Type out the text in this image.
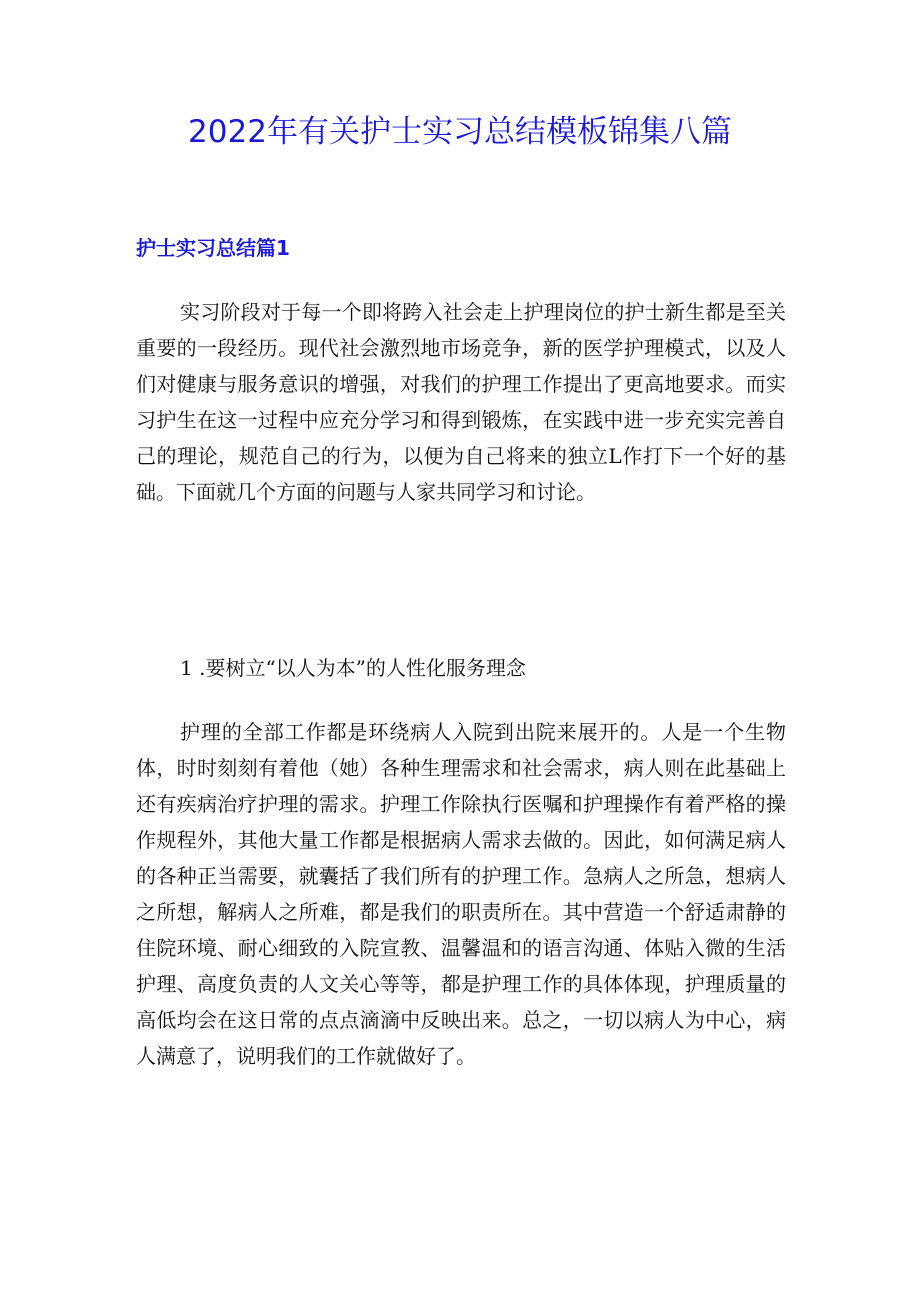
2022年有关护士实习总结模板锦集八篇
护士实习总结篇1

实习阶段对于每一个即将跨入社会走上护理岗位的护士新生都是至关重要的一段经历。现代社会激烈地市场竞争，新的医学护理模式，以及人们对健康与服务意识的增强，对我们的护理工作提出了更高地要求。而实习护生在这一过程中应充分学习和得到锻炼，在实践中进一步充实完善自己的理论，规范自己的行为，以便为自己将来的独立L作打下一个好的基础。下面就几个方面的问题与人家共同学习和讨论。

1 .要树立“以人为本”的人性化服务理念

护理的全部工作都是环绕病人入院到出院来展开的。人是一个生物体，时时刻刻有着他（她）各种生理需求和社会需求，病人则在此基础上还有疾病治疗护理的需求。护理工作除执行医嘱和护理操作有着严格的操作规程外，其他大量工作都是根据病人需求去做的。因此，如何满足病人的各种正当需要，就囊括了我们所有的护理工作。急病人之所急，想病人之所想，解病人之所难，都是我们的职责所在。其中营造一个舒适肃静的住院环境、耐心细致的入院宣教、温馨温和的语言沟通、体贴入微的生活护理、高度负责的人文关心等等，都是护理工作的具体体现，护理质量的高低均会在这日常的点点滴滴中反映出来。总之，一切以病人为中心，病人满意了，说明我们的工作就做好了。
